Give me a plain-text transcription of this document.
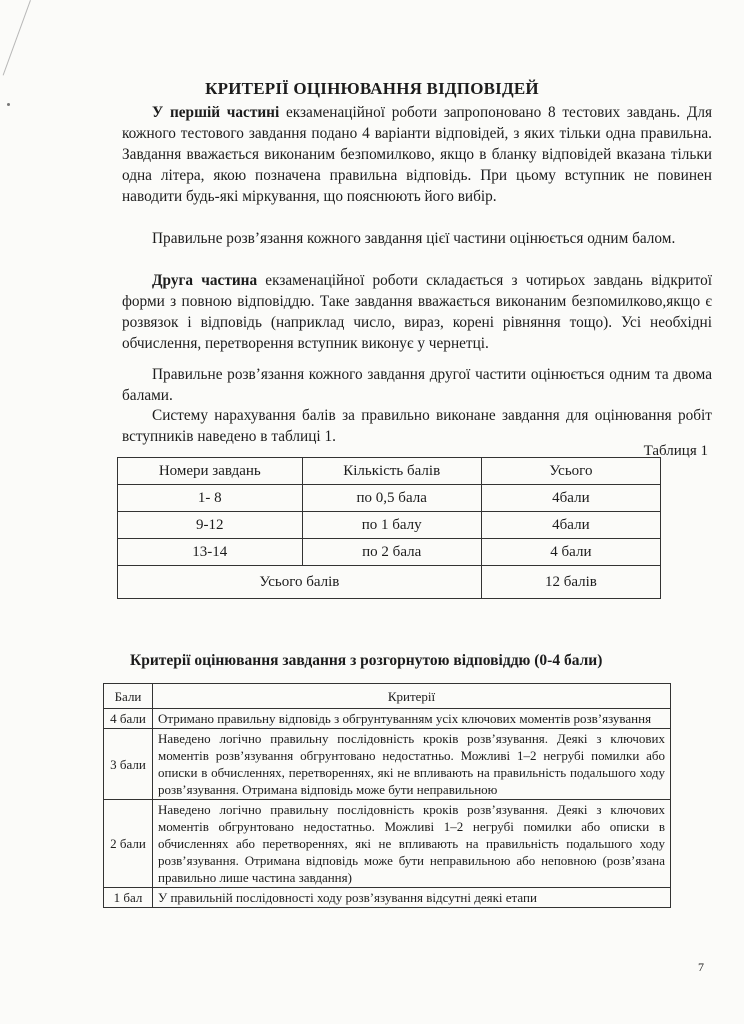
КРИТЕРІЇ ОЦІНЮВАННЯ ВІДПОВІДЕЙ

У першій частині екзаменаційної роботи запропоновано 8 тестових завдань. Для кожного тестового завдання подано 4 варіанти відповідей, з яких тільки одна правильна. Завдання вважається виконаним безпомилково, якщо в бланку відповідей вказана тільки одна літера, якою позначена правильна відповідь. При цьому вступник не повинен наводити будь-які міркування, що пояснюють його вибір.

Правильне розв’язання кожного завдання цієї частини оцінюється одним балом.

Друга частина екзаменаційної роботи складається з чотирьох завдань відкритої форми з повною відповіддю. Таке завдання вважається виконаним безпомилково,якщо є розвязок і відповідь (наприклад число, вираз, корені рівняння тощо). Усі необхідні обчислення, перетворення вступник виконує у чернетці.

Правильне розв’язання кожного завдання другої частити оцінюється одним та двома балами.

Систему нарахування балів за правильно виконане завдання для оцінювання робіт вступників наведено в таблиці 1.

Таблиця 1
Номери завдань	Кількість балів	Усього
1- 8	по 0,5 бала	4бали
9-12	по 1 балу	4бали
13-14	по 2 бала	4 бали
Усього балів		12 балів
Критерії оцінювання завдання з розгорнутою відповіддю (0-4 бали)
Бали	Критерії
4 бали	Отримано правильну відповідь з обгрунтуванням усіх ключових моментів розв’язування
3 бали	Наведено логічно правильну послідовність кроків розв’язування. Деякі з ключових моментів розв’язування обгрунтовано недостатньо. Можливі 1–2 негрубі помилки або описки в обчисленнях, перетвореннях, які не впливають на правильність подальшого ходу розв’язування. Отримана відповідь може бути неправильною
2 бали	Наведено логічно правильну послідовність кроків розв’язування. Деякі з ключових моментів обгрунтовано недостатньо. Можливі 1–2 негрубі помилки або описки в обчисленнях або перетвореннях, які не впливають на правильність подальшого ходу розв’язування. Отримана відповідь може бути неправильною або неповною (розв’язана правильно лише частина завдання)
1 бал	У правильній послідовності ходу розв’язування відсутні деякі етапи
7
